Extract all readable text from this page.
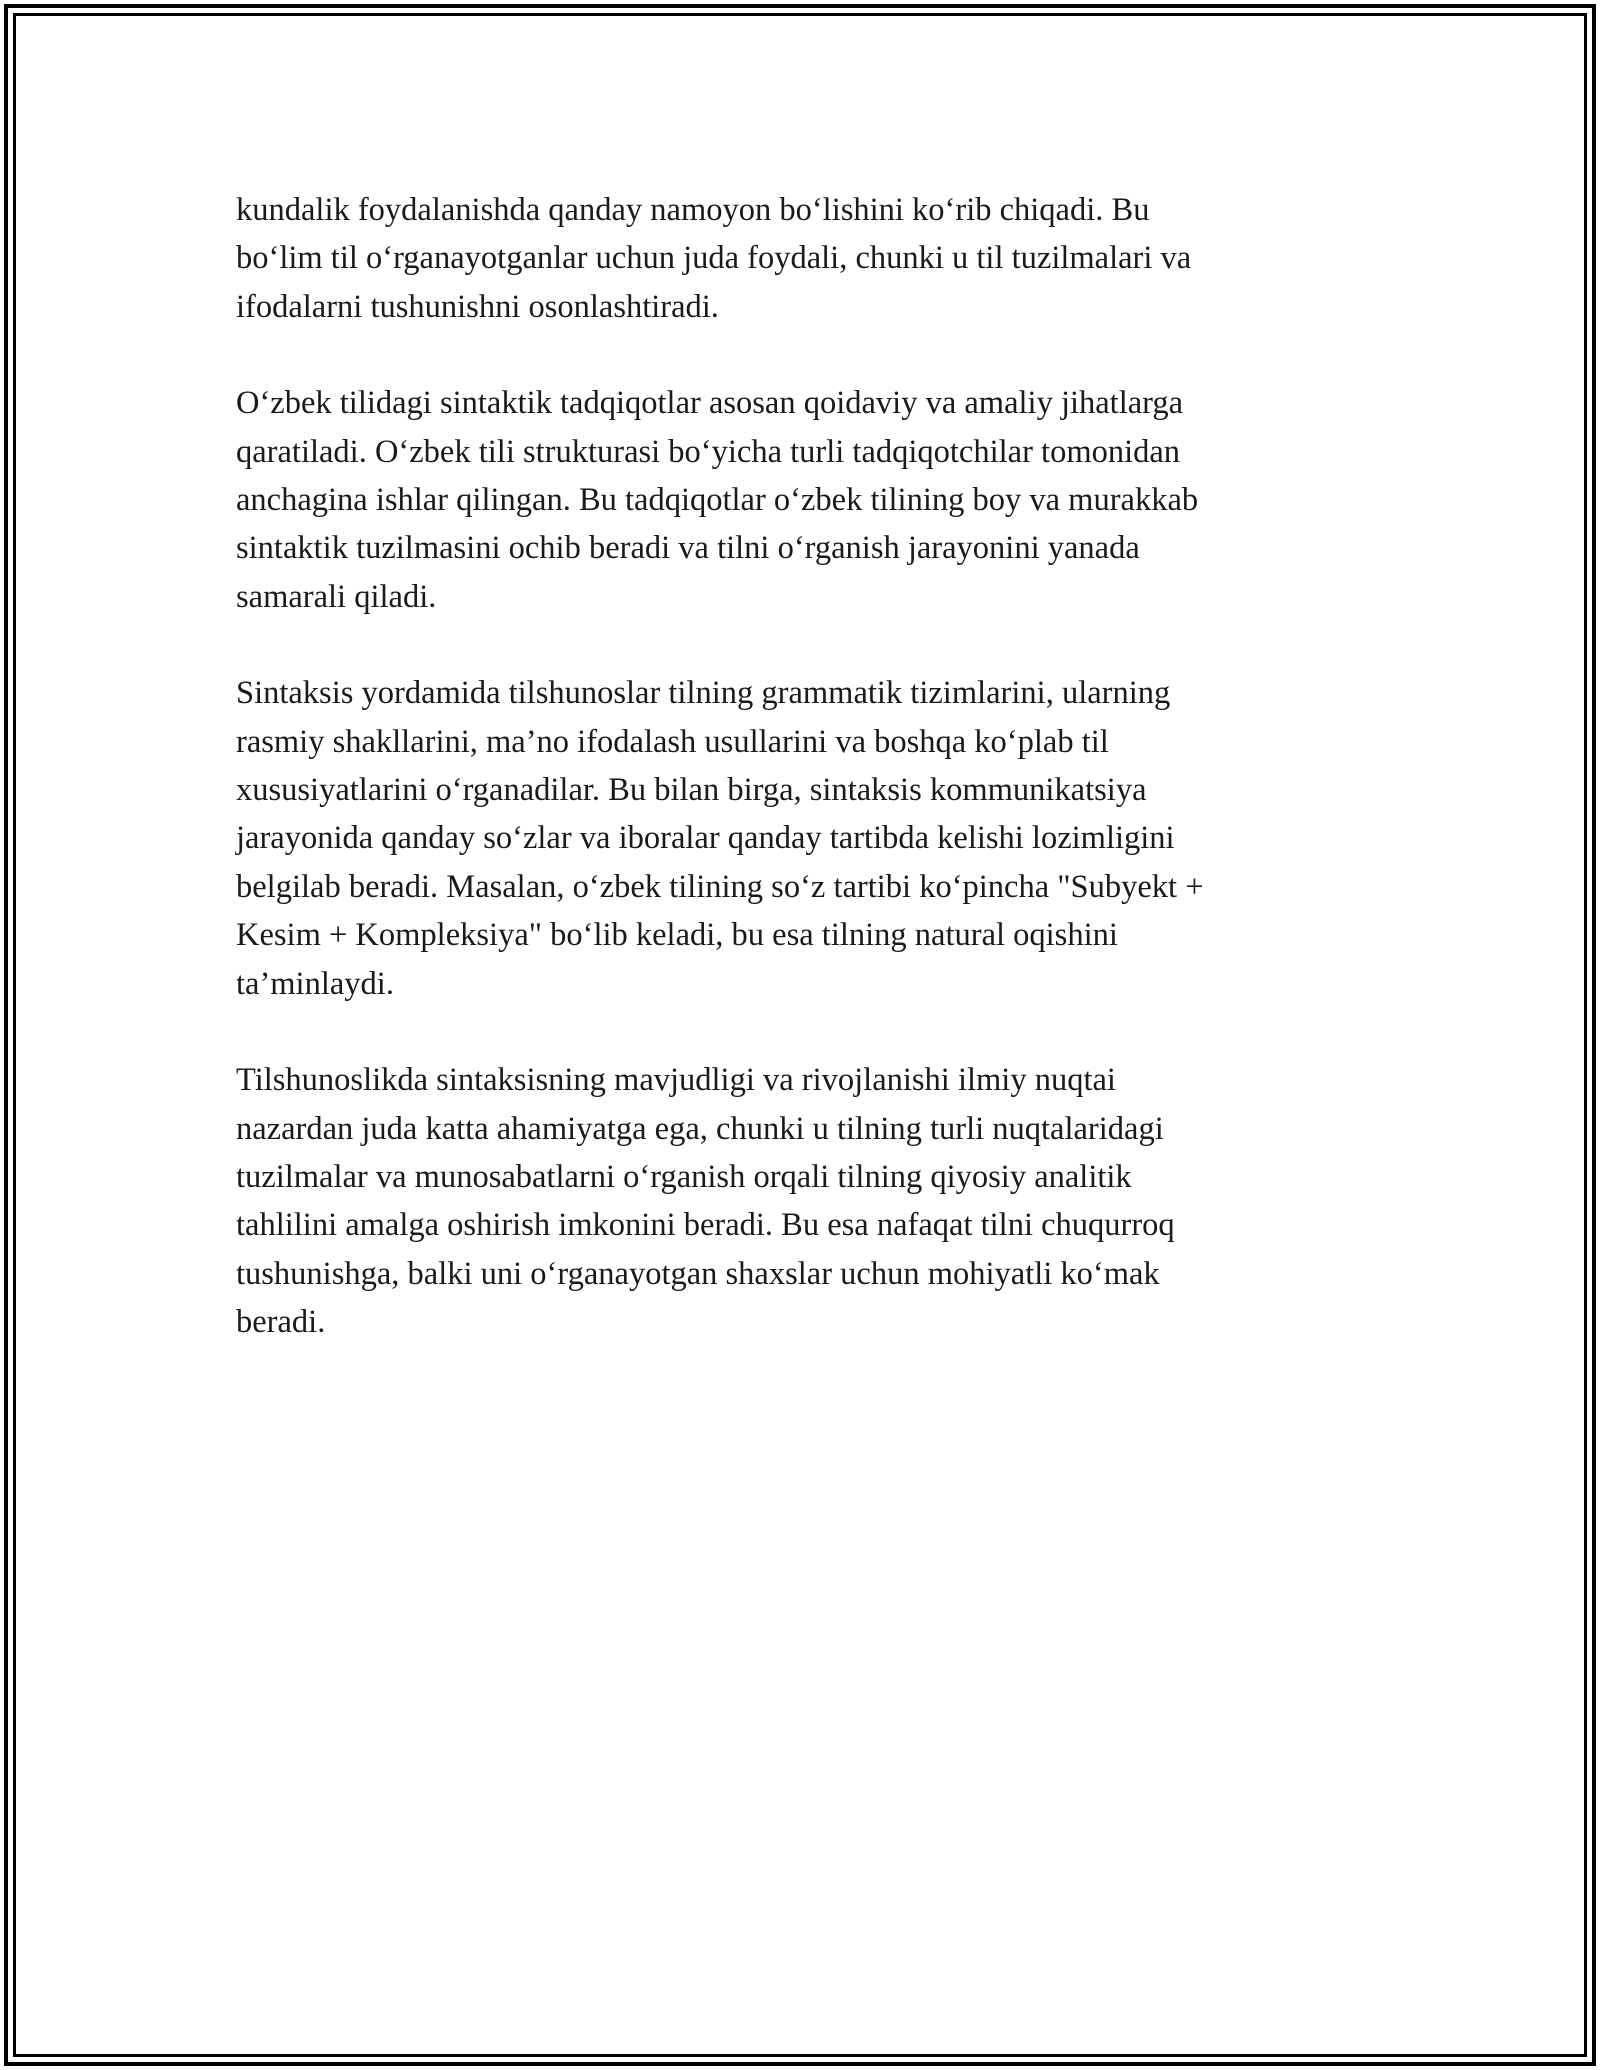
kundalik foydalanishda qanday namoyon bo‘lishini ko‘rib chiqadi. Bu
bo‘lim til o‘rganayotganlar uchun juda foydali, chunki u til tuzilmalari va
ifodalarni tushunishni osonlashtiradi.

O‘zbek tilidagi sintaktik tadqiqotlar asosan qoidaviy va amaliy jihatlarga
qaratiladi. O‘zbek tili strukturasi bo‘yicha turli tadqiqotchilar tomonidan
anchagina ishlar qilingan. Bu tadqiqotlar o‘zbek tilining boy va murakkab
sintaktik tuzilmasini ochib beradi va tilni o‘rganish jarayonini yanada
samarali qiladi.

Sintaksis yordamida tilshunoslar tilning grammatik tizimlarini, ularning
rasmiy shakllarini, ma’no ifodalash usullarini va boshqa ko‘plab til
xususiyatlarini o‘rganadilar. Bu bilan birga, sintaksis kommunikatsiya
jarayonida qanday so‘zlar va iboralar qanday tartibda kelishi lozimligini
belgilab beradi. Masalan, o‘zbek tilining so‘z tartibi ko‘pincha "Subyekt +
Kesim + Kompleksiya" bo‘lib keladi, bu esa tilning natural oqishini
ta’minlaydi.

Tilshunoslikda sintaksisning mavjudligi va rivojlanishi ilmiy nuqtai
nazardan juda katta ahamiyatga ega, chunki u tilning turli nuqtalaridagi
tuzilmalar va munosabatlarni o‘rganish orqali tilning qiyosiy analitik
tahlilini amalga oshirish imkonini beradi. Bu esa nafaqat tilni chuqurroq
tushunishga, balki uni o‘rganayotgan shaxslar uchun mohiyatli ko‘mak
beradi.
